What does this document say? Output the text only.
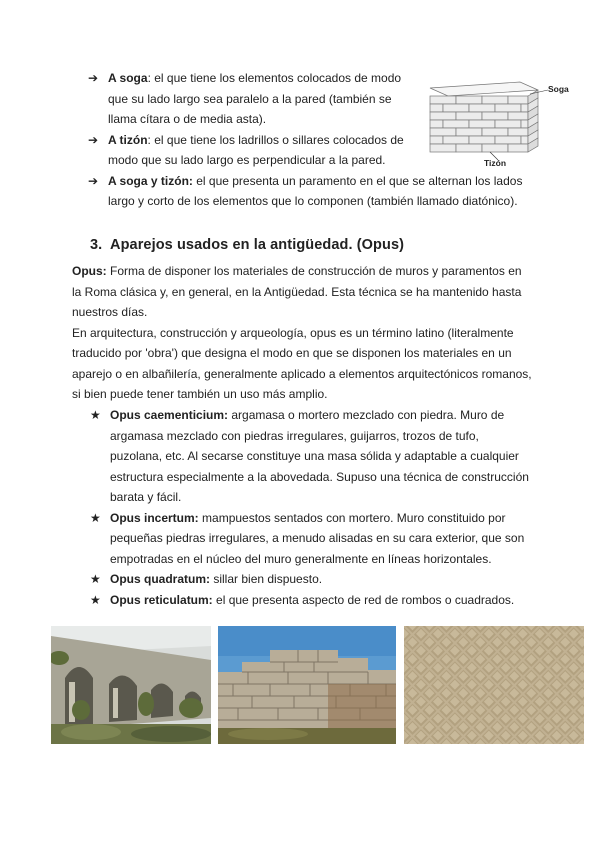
➔ A soga: el que tiene los elementos colocados de modo que su lado largo sea paralelo a la pared (también se llama cítara o de media asta).
➔ A tizón: el que tiene los ladrillos o sillares colocados de modo que su lado largo es perpendicular a la pared.
➔ A soga y tizón: el que presenta un paramento en el que se alternan los lados largo y corto de los elementos que lo componen (también llamado diatónico).
Soga
Tizón
3. Aparejos usados en la antigüedad. (Opus)

Opus: Forma de disponer los materiales de construcción de muros y paramentos en la Roma clásica y, en general, en la Antigüedad. Esta técnica se ha mantenido hasta nuestros días.

En arquitectura, construcción y arqueología, opus es un término latino (literalmente traducido por 'obra') que designa el modo en que se disponen los materiales en un aparejo o en albañilería, generalmente aplicado a elementos arquitectónicos romanos, si bien puede tener también un uso más amplio.

★ Opus caementicium: argamasa o mortero mezclado con piedra. Muro de argamasa mezclado con piedras irregulares, guijarros, trozos de tufo, puzolana, etc. Al secarse constituye una masa sólida y adaptable a cualquier estructura especialmente a la abovedada. Supuso una técnica de construcción barata y fácil.
★ Opus incertum: mampuestos sentados con mortero. Muro constituido por pequeñas piedras irregulares, a menudo alisadas en su cara exterior, que son empotradas en el núcleo del muro generalmente en líneas horizontales.
★ Opus quadratum: sillar bien dispuesto.
★ Opus reticulatum: el que presenta aspecto de red de rombos o cuadrados.
